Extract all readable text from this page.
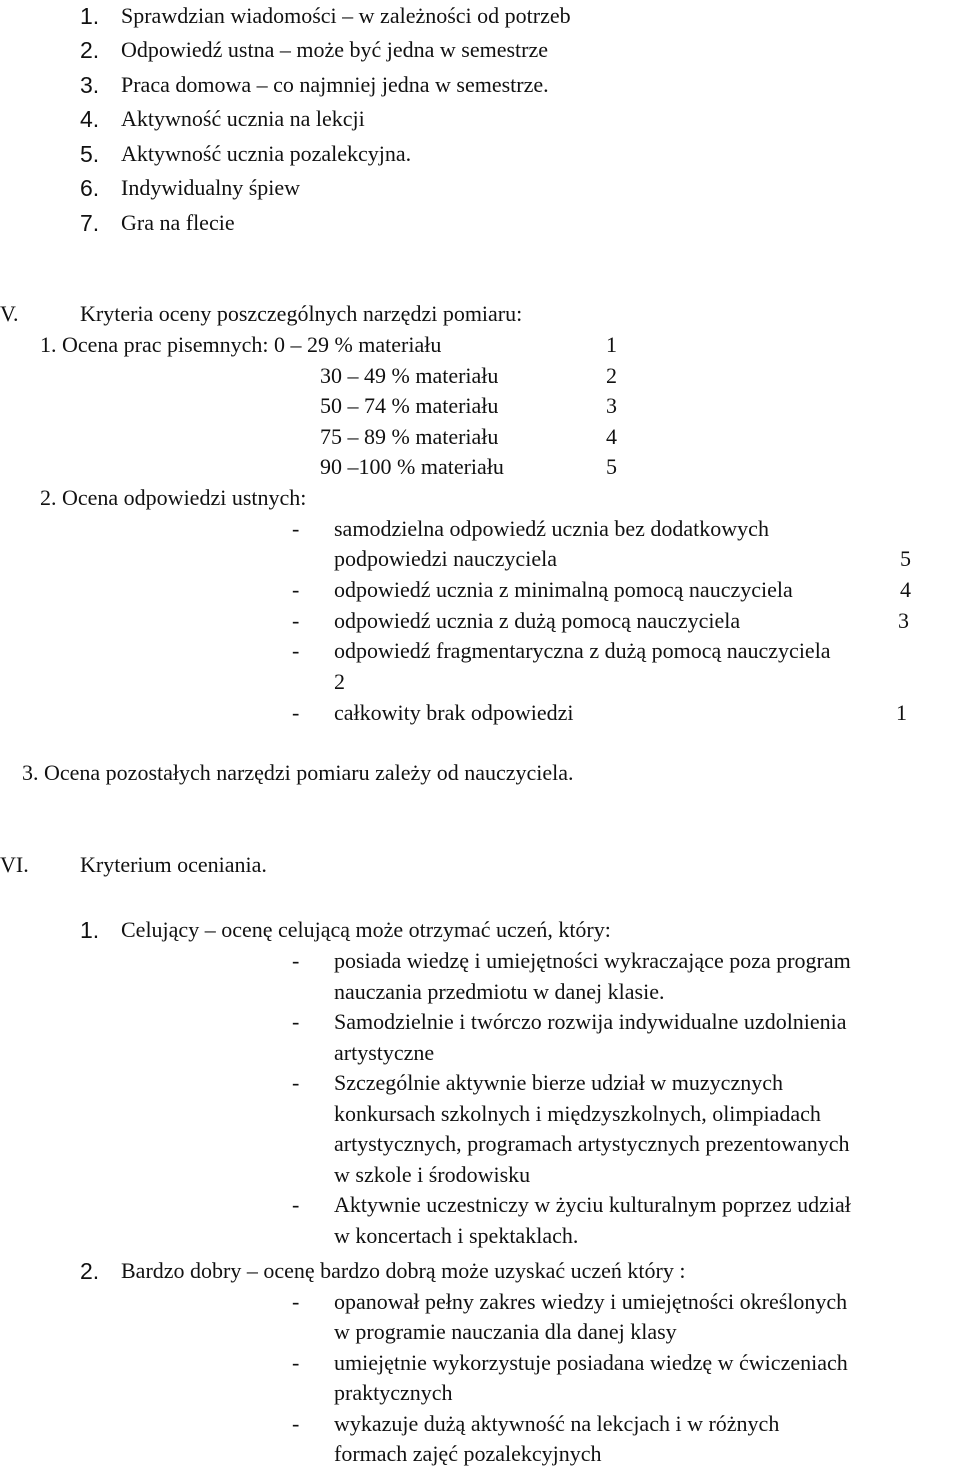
1. Sprawdzian wiadomości – w zależności od potrzeb
2. Odpowiedź ustna – może być jedna w semestrze
3. Praca domowa – co najmniej jedna w semestrze.
4. Aktywność ucznia na lekcji
5. Aktywność ucznia pozalekcyjna.
6. Indywidualny śpiew
7. Gra na flecie
V.	Kryteria oceny poszczególnych narzędzi pomiaru:
1. Ocena prac pisemnych: 0 – 29 % materiału	1
30 – 49 % materiału	2
50 – 74 % materiału	3
75 – 89 % materiału	4
90 –100 % materiału	5
2. Ocena odpowiedzi ustnych:
- samodzielna odpowiedź ucznia bez dodatkowych
podpowiedzi nauczyciela	5
- odpowiedź ucznia z minimalną pomocą nauczyciela	4
- odpowiedź ucznia z dużą pomocą nauczyciela	3
- odpowiedź fragmentaryczna z dużą pomocą nauczyciela
2
- całkowity brak odpowiedzi	1
3. Ocena pozostałych narzędzi pomiaru zależy od nauczyciela.
VI. Kryterium oceniania.
1. Celujący – ocenę celującą może otrzymać uczeń, który:
- posiada wiedzę i umiejętności wykraczające poza program
nauczania przedmiotu w danej klasie.
- Samodzielnie i twórczo rozwija indywidualne uzdolnienia
artystyczne
- Szczególnie aktywnie bierze udział w muzycznych
konkursach szkolnych i międzyszkolnych, olimpiadach
artystycznych, programach artystycznych prezentowanych
w szkole i środowisku
- Aktywnie uczestniczy w życiu kulturalnym poprzez udział
w koncertach i spektaklach.
2. Bardzo dobry – ocenę bardzo dobrą może uzyskać uczeń który :
- opanował pełny zakres wiedzy i umiejętności określonych
w programie nauczania dla danej klasy
- umiejętnie wykorzystuje posiadana wiedzę w ćwiczeniach
praktycznych
- wykazuje dużą aktywność na lekcjach i w różnych
formach zajęć pozalekcyjnych
